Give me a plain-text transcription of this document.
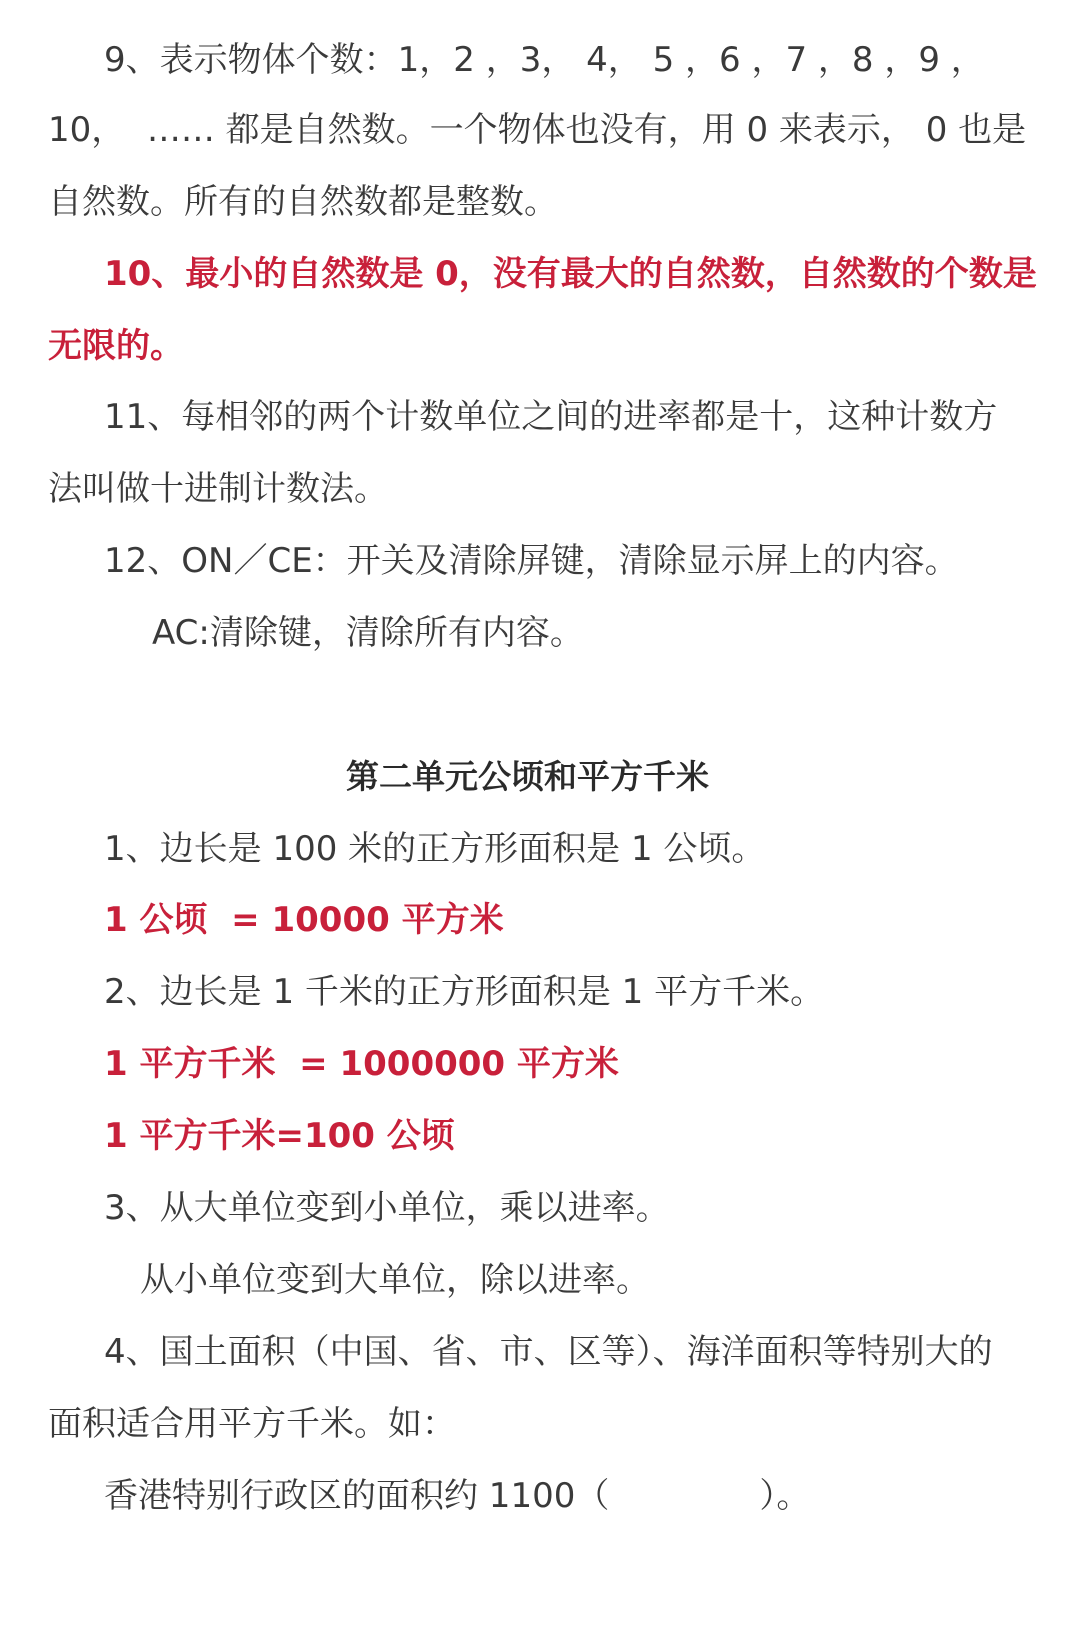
9、表示物体个数：1，2 ，3， 4， 5 ，6 ，7 ，8 ，9 ，

10，  …… 都是自然数。一个物体也没有，用 0 来表示， 0 也是

自然数。所有的自然数都是整数。

10、最小的自然数是 0，没有最大的自然数，自然数的个数是

无限的。

11、每相邻的两个计数单位之间的进率都是十，这种计数方

法叫做十进制计数法。

12、ON／CE：开关及清除屏键，清除显示屏上的内容。

AC:清除键，清除所有内容。

第二单元公顷和平方千米

1、边长是 100 米的正方形面积是 1 公顷。

1 公顷  = 10000 平方米

2、边长是 1 千米的正方形面积是 1 平方千米。

1 平方千米  = 1000000 平方米

1 平方千米=100 公顷

3、从大单位变到小单位，乘以进率。

从小单位变到大单位，除以进率。

4、国土面积（中国、省、市、区等）、海洋面积等特别大的

面积适合用平方千米。如：

香港特别行政区的面积约 1100（	）。
